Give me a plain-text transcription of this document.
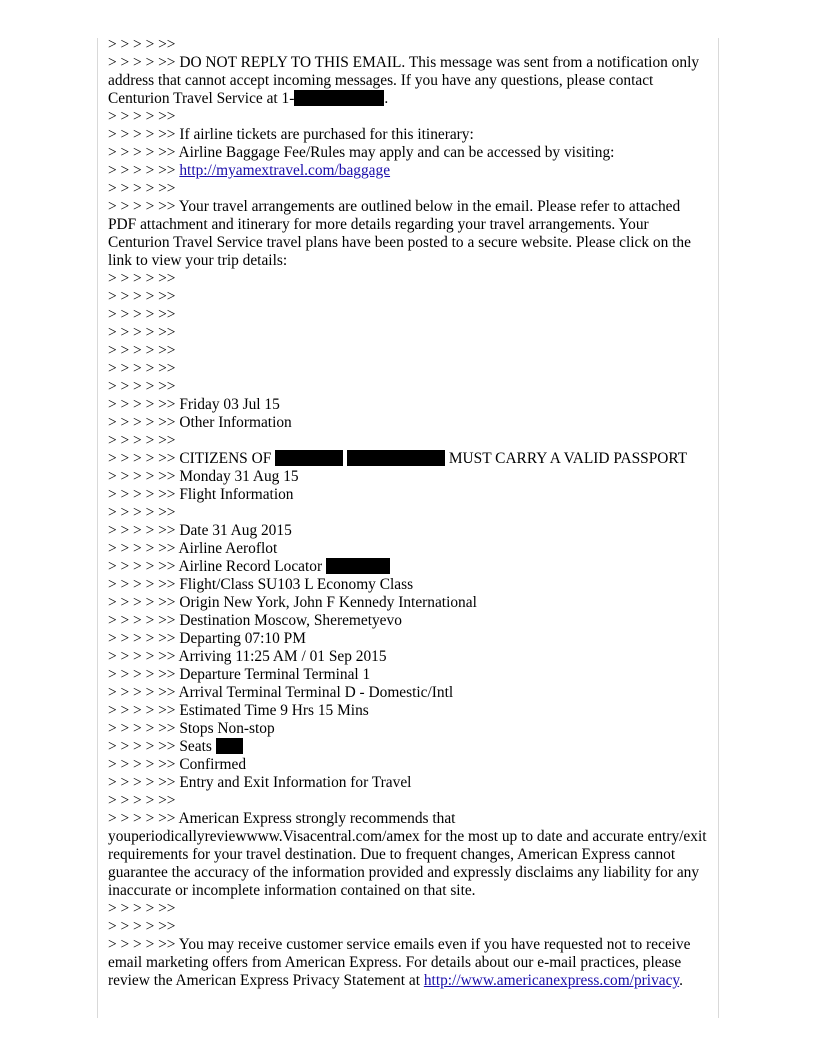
> > > > >>
> > > > >> DO NOT REPLY TO THIS EMAIL. This message was sent from a notification only address that cannot accept incoming messages. If you have any questions, please contact Centurion Travel Service at 1-	.
> > > > >>
> > > > >> If airline tickets are purchased for this itinerary:
> > > > >> Airline Baggage Fee/Rules may apply and can be accessed by visiting:
> > > > >> http://myamextravel.com/baggage
> > > > >>
> > > > >> Your travel arrangements are outlined below in the email. Please refer to attached PDF attachment and itinerary for more details regarding your travel arrangements. Your Centurion Travel Service travel plans have been posted to a secure website. Please click on the link to view your trip details:
> > > > >>
> > > > >>
> > > > >>
> > > > >>
> > > > >>
> > > > >>
> > > > >>
> > > > >> Friday 03 Jul 15
> > > > >> Other Information
> > > > >>
> > > > >> CITIZENS OF	MUST CARRY A VALID PASSPORT
> > > > >> Monday 31 Aug 15
> > > > >> Flight Information
> > > > >>
> > > > >> Date 31 Aug 2015
> > > > >> Airline Aeroflot
> > > > >> Airline Record Locator
> > > > >> Flight/Class SU103 L Economy Class
> > > > >> Origin New York, John F Kennedy International
> > > > >> Destination Moscow, Sheremetyevo
> > > > >> Departing 07:10 PM
> > > > >> Arriving 11:25 AM / 01 Sep 2015
> > > > >> Departure Terminal Terminal 1
> > > > >> Arrival Terminal Terminal D - Domestic/Intl
> > > > >> Estimated Time 9 Hrs 15 Mins
> > > > >> Stops Non-stop
> > > > >> Seats
> > > > >> Confirmed
> > > > >> Entry and Exit Information for Travel
> > > > >>
> > > > >> American Express strongly recommends that youperiodicallyreviewwww.Visacentral.com/amex for the most up to date and accurate entry/exit requirements for your travel destination. Due to frequent changes, American Express cannot guarantee the accuracy of the information provided and expressly disclaims any liability for any inaccurate or incomplete information contained on that site.
> > > > >>
> > > > >>
> > > > >> You may receive customer service emails even if you have requested not to receive email marketing offers from American Express. For details about our e-mail practices, please review the American Express Privacy Statement at http://www.americanexpress.com/privacy.
